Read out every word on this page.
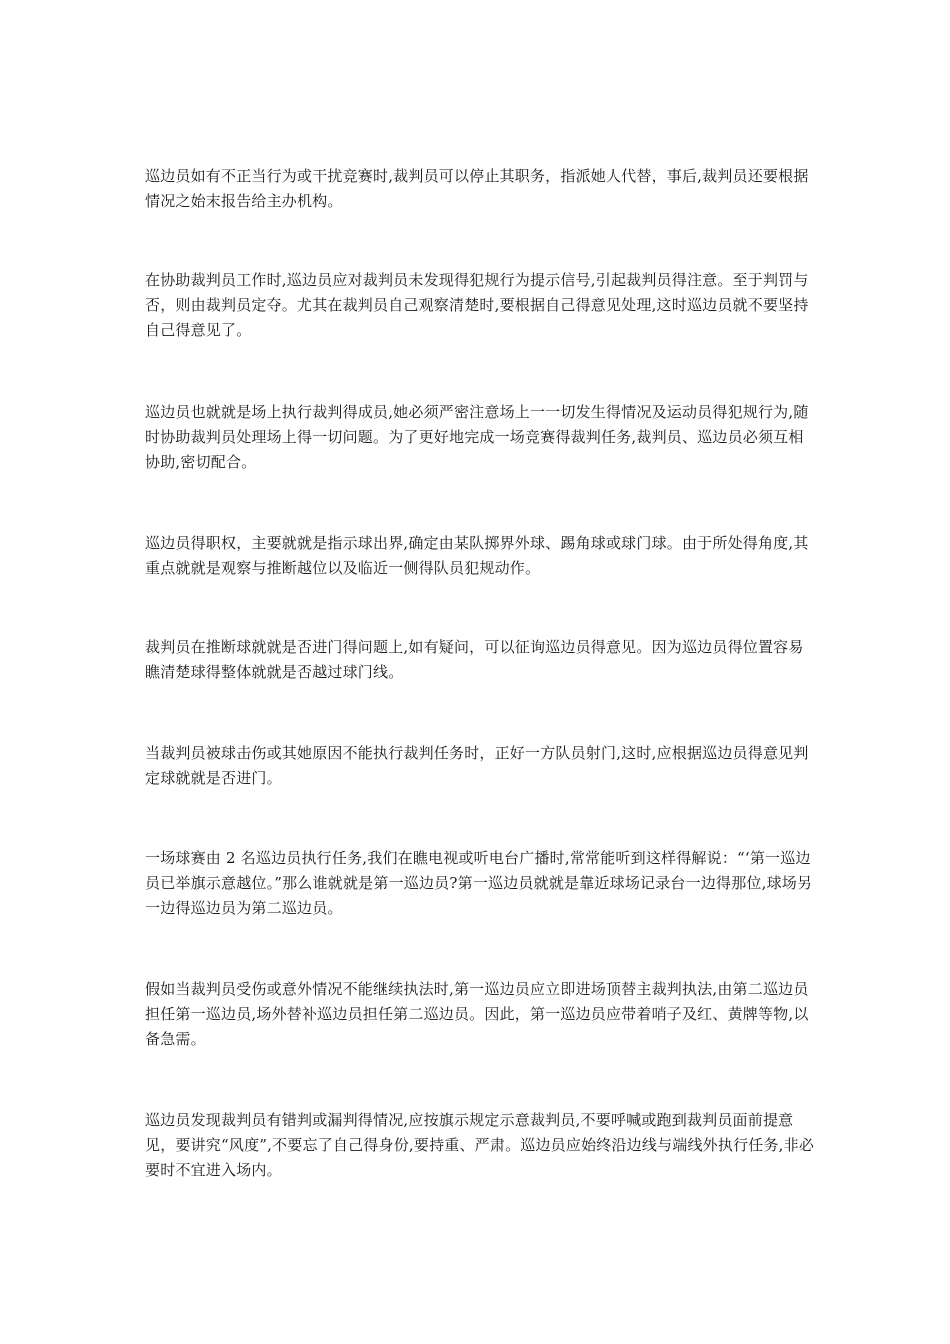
巡边员如有不正当行为或干扰竞赛时,裁判员可以停止其职务，指派她人代替，事后,裁判员还要根据情况之始末报告给主办机构。

在协助裁判员工作时,巡边员应对裁判员未发现得犯规行为提示信号,引起裁判员得注意。至于判罚与否，则由裁判员定夺。尤其在裁判员自己观察清楚时,要根据自己得意见处理,这时巡边员就不要坚持自己得意见了。

巡边员也就就是场上执行裁判得成员,她必须严密注意场上一一切发生得情况及运动员得犯规行为,随时协助裁判员处理场上得一切问题。为了更好地完成一场竞赛得裁判任务,裁判员、巡边员必须互相协助,密切配合。

巡边员得职权，主要就就是指示球出界,确定由某队掷界外球、踢角球或球门球。由于所处得角度,其重点就就是观察与推断越位以及临近一侧得队员犯规动作。

裁判员在推断球就就是否进门得问题上,如有疑问，可以征询巡边员得意见。因为巡边员得位置容易瞧清楚球得整体就就是否越过球门线。

当裁判员被球击伤或其她原因不能执行裁判任务时，正好一方队员射门,这时,应根据巡边员得意见判定球就就是否进门。

一场球赛由 2 名巡边员执行任务,我们在瞧电视或听电台广播时,常常能听到这样得解说：“‘第一巡边员已举旗示意越位。”那么谁就就是第一巡边员?第一巡边员就就是靠近球场记录台一边得那位,球场另一边得巡边员为第二巡边员。

假如当裁判员受伤或意外情况不能继续执法时,第一巡边员应立即进场顶替主裁判执法,由第二巡边员担任第一巡边员,场外替补巡边员担任第二巡边员。因此，第一巡边员应带着哨子及红、黄牌等物,以备急需。

巡边员发现裁判员有错判或漏判得情况,应按旗示规定示意裁判员,不要呼喊或跑到裁判员面前提意见，要讲究“风度”,不要忘了自己得身份,要持重、严肃。巡边员应始终沿边线与端线外执行任务,非必要时不宜进入场内。
